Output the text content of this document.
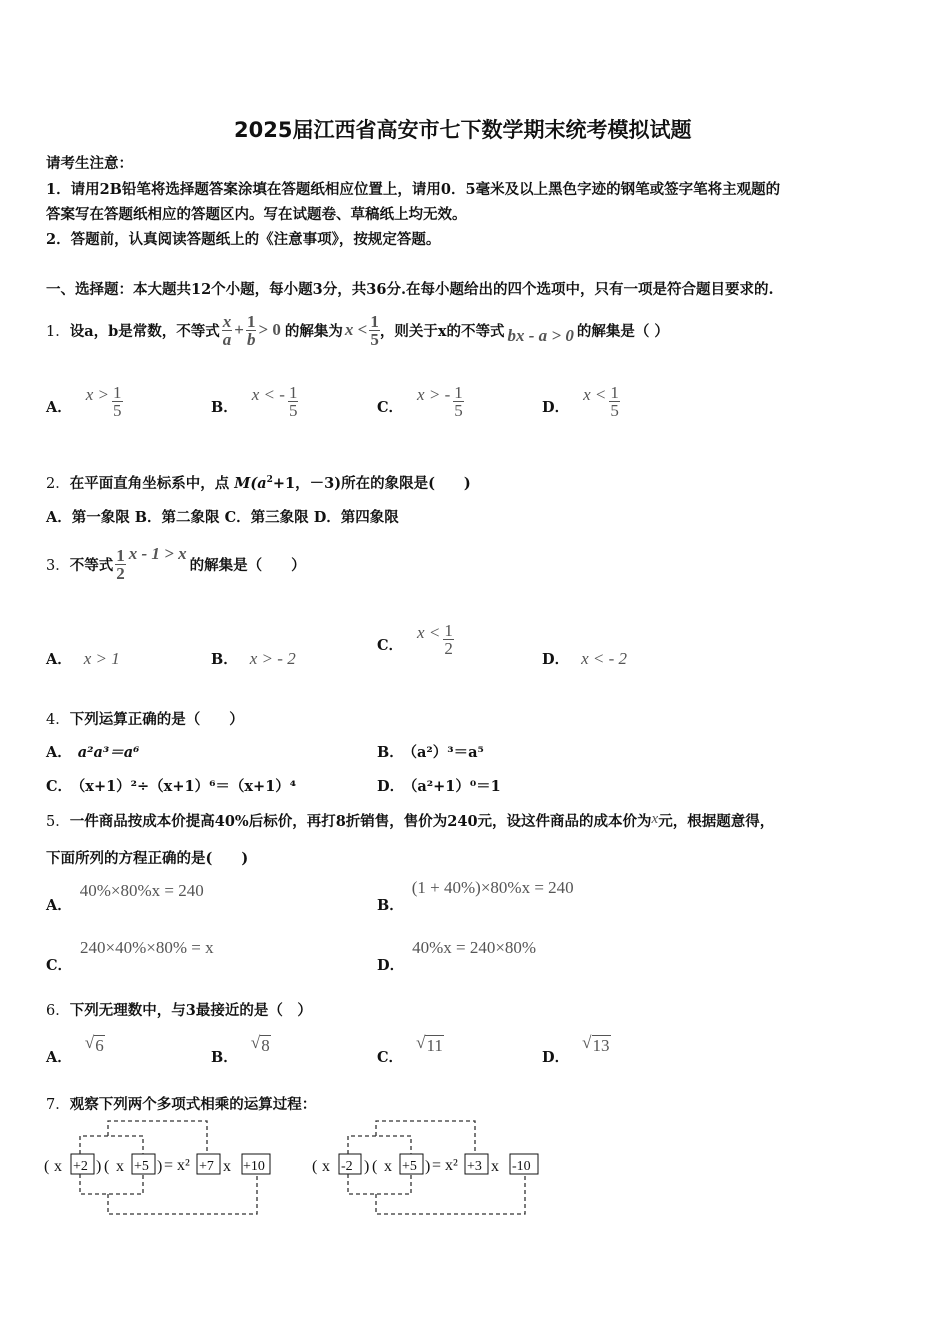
2025届江西省高安市七下数学期末统考模拟试题
请考生注意：
1．请用2B铅笔将选择题答案涂填在答题纸相应位置上，请用0．5毫米及以上黑色字迹的钢笔或签字笔将主观题的
答案写在答题纸相应的答题区内。写在试题卷、草稿纸上均无效。
2．答题前，认真阅读答题纸上的《注意事项》，按规定答题。
一、选择题：本大题共12个小题，每小题3分，共36分.在每小题给出的四个选项中，只有一项是符合题目要求的.
1． 设a，b是常数，不等式 $\frac{x}{a} + \frac{1}{b} > 0$ 的解集为 $x < \frac{1}{5}$ ，则关于x的不等式 bx - a > 0 的解集是（ ）
A．
$x > \frac{1}{5}$	B．
x < - $\frac{1}{5}$	C．
x > - $\frac{1}{5}$	D．
$x < \frac{1}{5}$
2．在平面直角坐标系中，点 $M(a^2+1$，－3)所在的象限是(　　)
A．第一象限 B．第二象限 C．第三象限 D．第四象限
3． 不等式 $\frac{1}{2}$ x - 1 > x
的解集是（　　）
A． x > 1	B． x > - 2
C．
$x < \frac{1}{2}$
D． x < - 2
4．下列运算正确的是（　　）
A． a²a³＝a⁶	B． （a²）³＝a⁵
C． （x+1）²÷（x+1）⁶＝（x+1）⁴	D． （a²+1）⁰＝1
5．一件商品按成本价提高40%后标价，再打8折销售，售价为240元，设这件商品的成本价为x元，根据题意得，
下面所列的方程正确的是(　　)
A．40%×80%x = 240
B．(1 + 40%)×80%x = 240
C．240×40%×80% = x
D．40%x = 240×80%
6．下列无理数中，与3最接近的是（　）
A． √ 6
B． √ 8
C． √ 11
D． √ 13
7．观察下列两个多项式相乘的运算过程：
( x +2 ) ( x +5 ) = x² +7 x +10	( x -2 ) ( x +5 ) = x² +3 x -10
